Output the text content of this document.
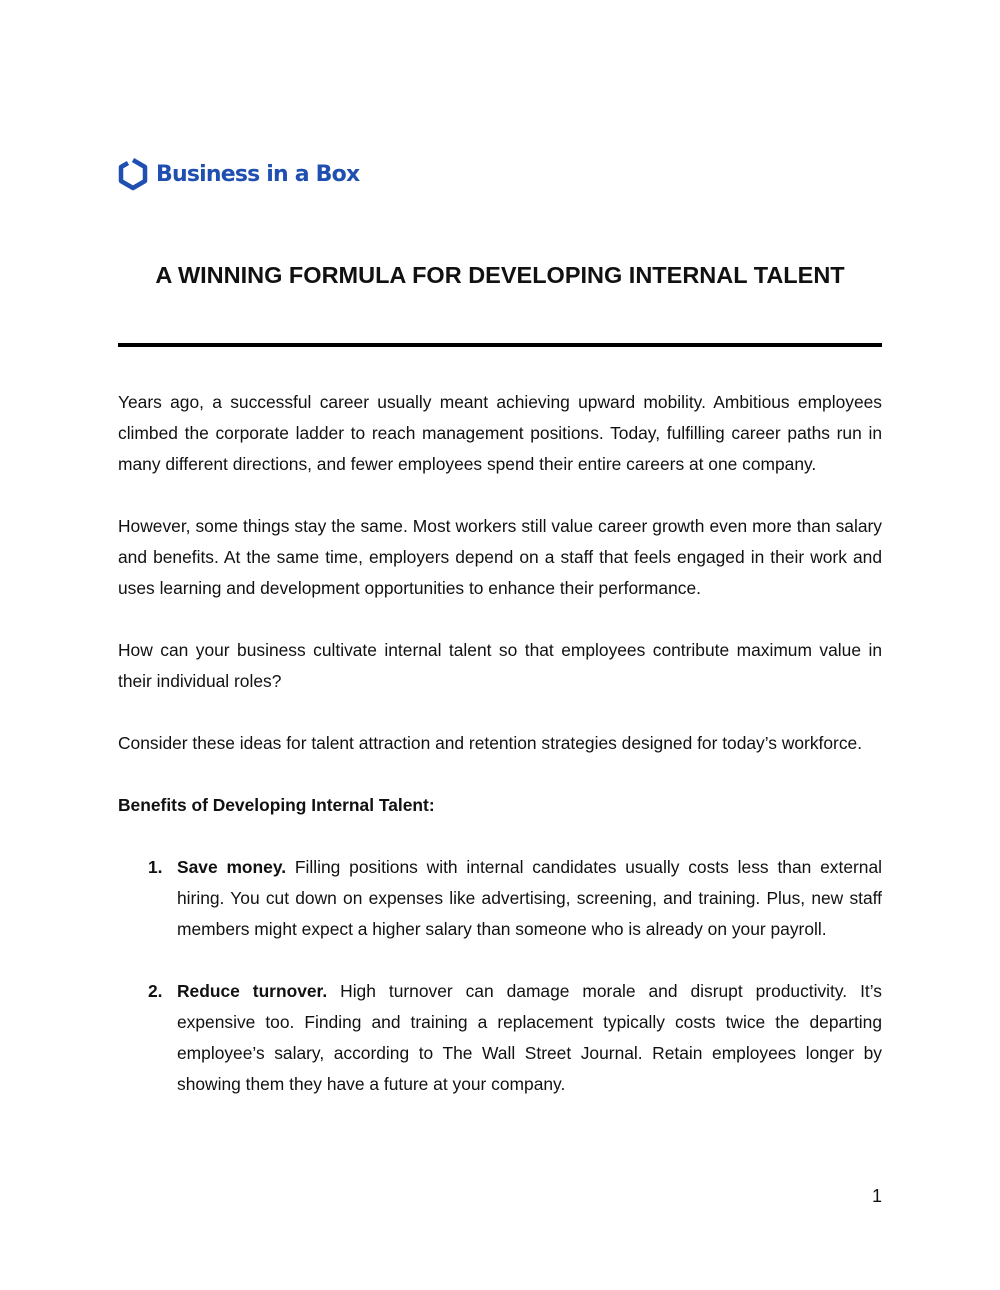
Business in a Box
A WINNING FORMULA FOR DEVELOPING INTERNAL TALENT

Years ago, a successful career usually meant achieving upward mobility. Ambitious employees climbed the corporate ladder to reach management positions. Today, fulfilling career paths run in many different directions, and fewer employees spend their entire careers at one company.

However, some things stay the same. Most workers still value career growth even more than salary and benefits. At the same time, employers depend on a staff that feels engaged in their work and uses learning and development opportunities to enhance their performance.

How can your business cultivate internal talent so that employees contribute maximum value in their individual roles?

Consider these ideas for talent attraction and retention strategies designed for today’s workforce.

Benefits of Developing Internal Talent:

1. Save money. Filling positions with internal candidates usually costs less than external hiring. You cut down on expenses like advertising, screening, and training. Plus, new staff members might expect a higher salary than someone who is already on your payroll.
2. Reduce turnover. High turnover can damage morale and disrupt productivity. It’s expensive too. Finding and training a replacement typically costs twice the departing employee’s salary, according to The Wall Street Journal. Retain employees longer by showing them they have a future at your company.
1
